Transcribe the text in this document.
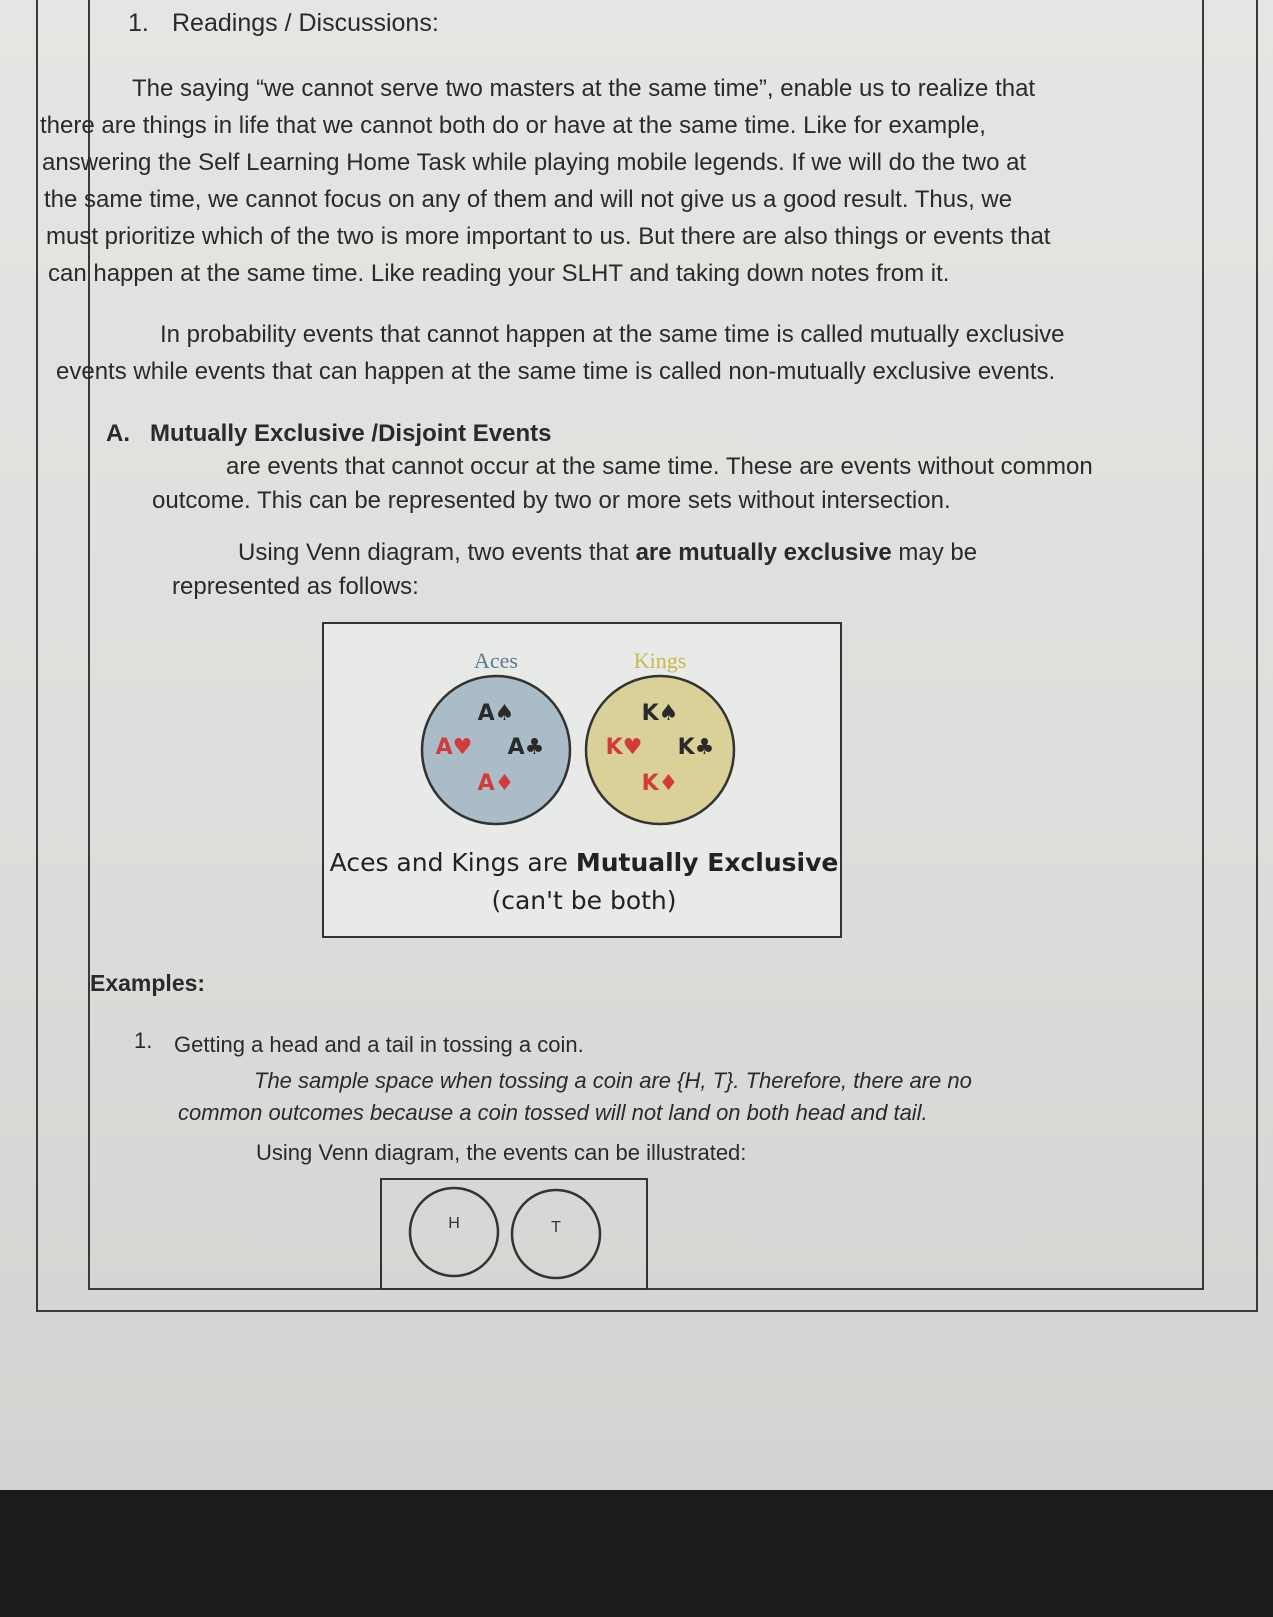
1. Readings / Discussions:
The saying “we cannot serve two masters at the same time”, enable us to realize that
there are things in life that we cannot both do or have at the same time. Like for example,
answering the Self Learning Home Task while playing mobile legends. If we will do the two at
the same time, we cannot focus on any of them and will not give us a good result. Thus, we
must prioritize which of the two is more important to us. But there are also things or events that
can happen at the same time. Like reading your SLHT and taking down notes from it.
In probability events that cannot happen at the same time is called mutually exclusive
events while events that can happen at the same time is called non-mutually exclusive events.
A. Mutually Exclusive /Disjoint Events
are events that cannot occur at the same time. These are events without common
outcome. This can be represented by two or more sets without intersection.
Using Venn diagram, two events that are mutually exclusive may be
represented as follows:
Aces	Kings
A♠
A♥ A♣
A♦
K♠
K♥ K♣
K♦
Aces and Kings are Mutually Exclusive
(can't be both)
Examples:
1. Getting a head and a tail in tossing a coin.
The sample space when tossing a coin are {H, T}. Therefore, there are no
common outcomes because a coin tossed will not land on both head and tail.
Using Venn diagram, the events can be illustrated:
H	T
